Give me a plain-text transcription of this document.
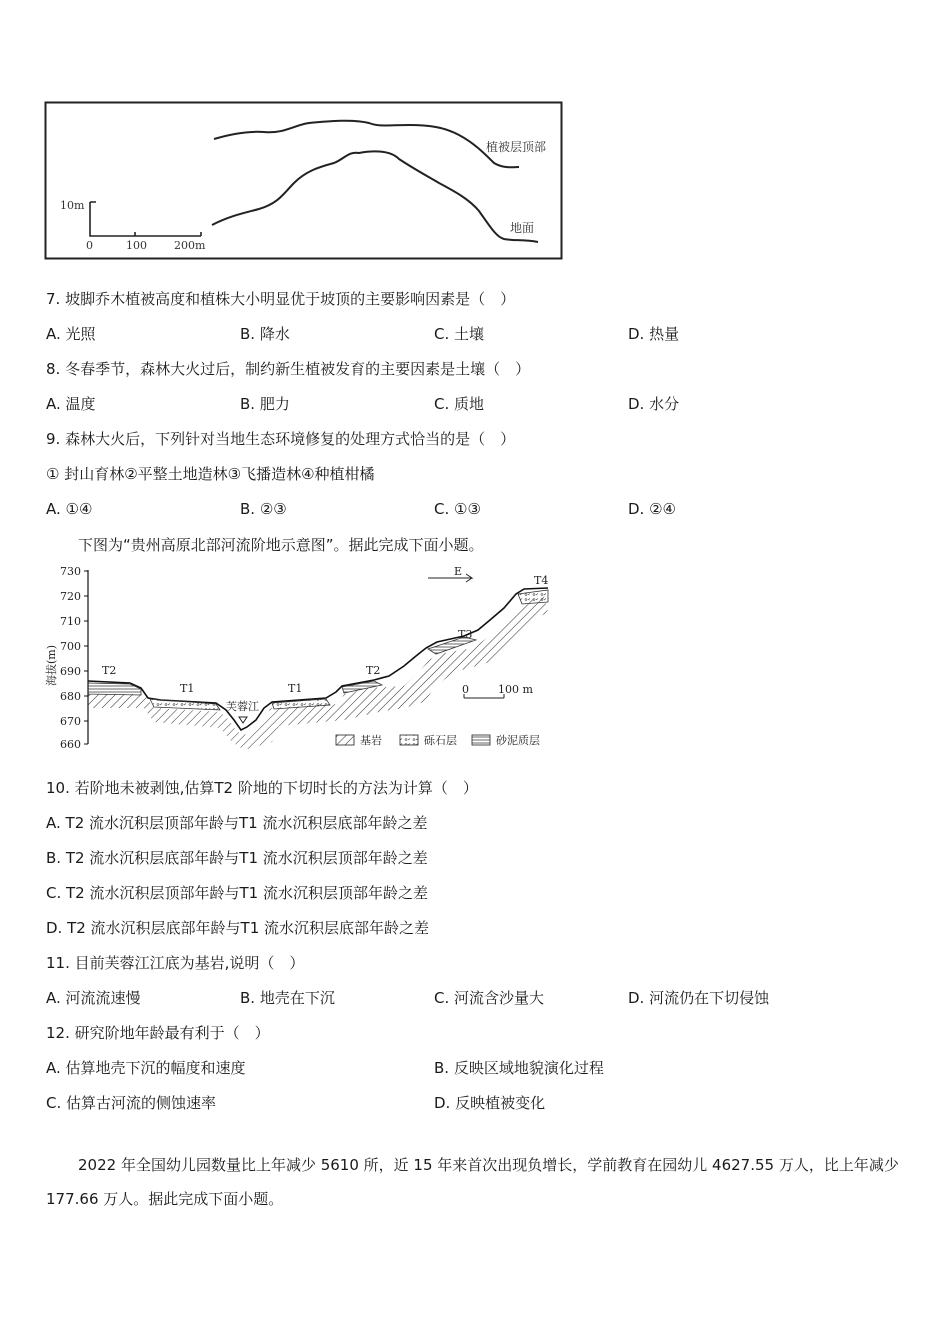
植被层顶部
地面
10m
0	100 200m
7. 坡脚乔木植被高度和植株大小明显优于坡顶的主要影响因素是（　）
A. 光照	B. 降水	C. 土壤	D. 热量
8. 冬春季节，森林大火过后，制约新生植被发育的主要因素是土壤（　）
A. 温度	B. 肥力	C. 质地	D. 水分
9. 森林大火后，下列针对当地生态环境修复的处理方式恰当的是（　）
① 封山育林②平整土地造林③飞播造林④种植柑橘
A. ①④	B. ②③	C. ①③	D. ②④
下图为“贵州高原北部河流阶地示意图”。据此完成下面小题。
730
720
710
700
690
680
670
660
海拔(m)	T2
T1	T1
T2
T3
T4
芙蓉江
E
0	100 m
基岩	砾石层	砂泥质层
10. 若阶地未被剥蚀,估算T2 阶地的下切时长的方法为计算（　）
A. T2 流水沉积层顶部年龄与T1 流水沉积层底部年龄之差
B. T2 流水沉积层底部年龄与T1 流水沉积层顶部年龄之差
C. T2 流水沉积层顶部年龄与T1 流水沉积层顶部年龄之差
D. T2 流水沉积层底部年龄与T1 流水沉积层底部年龄之差
11. 目前芙蓉江江底为基岩,说明（　）
A. 河流流速慢	B. 地壳在下沉	C. 河流含沙量大	D. 河流仍在下切侵蚀
12. 研究阶地年龄最有利于（　）
A. 估算地壳下沉的幅度和速度	B. 反映区域地貌演化过程
C. 估算古河流的侧蚀速率	D. 反映植被变化
2022 年全国幼儿园数量比上年减少 5610 所，近 15 年来首次出现负增长，学前教育在园幼儿 4627.55 万人，比上年减少 177.66 万人。据此完成下面小题。
